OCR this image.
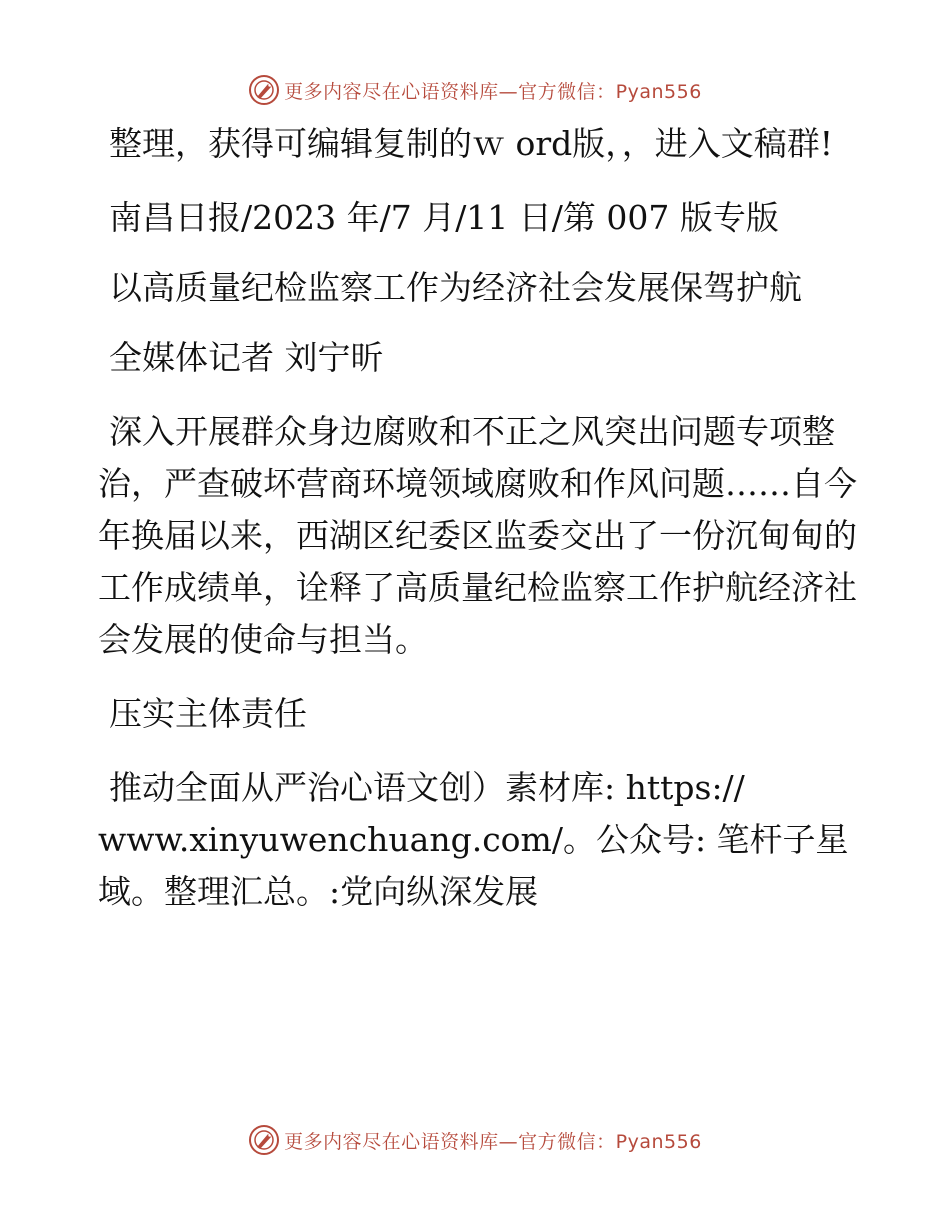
更多内容尽在心语资料库—官方微信：Pyan556

整理，获得可编辑复制的ｗ ord版，，进入文稿群!

南昌日报/2023 年/7 月/11 日/第 007 版专版

以高质量纪检监察工作为经济社会发展保驾护航

全媒体记者 刘宁昕

深入开展群众身边腐败和不正之风突出问题专项整治，严查破坏营商环境领域腐败和作风问题……自今年换届以来，西湖区纪委区监委交出了一份沉甸甸的工作成绩单，诠释了高质量纪检监察工作护航经济社会发展的使命与担当。

压实主体责任

推动全面从严治心语文创）素材库: https://

www.xinyuwenchuang.com/。公众号: 笔杆子星

域。整理汇总。:党向纵深发展

更多内容尽在心语资料库—官方微信：Pyan556
